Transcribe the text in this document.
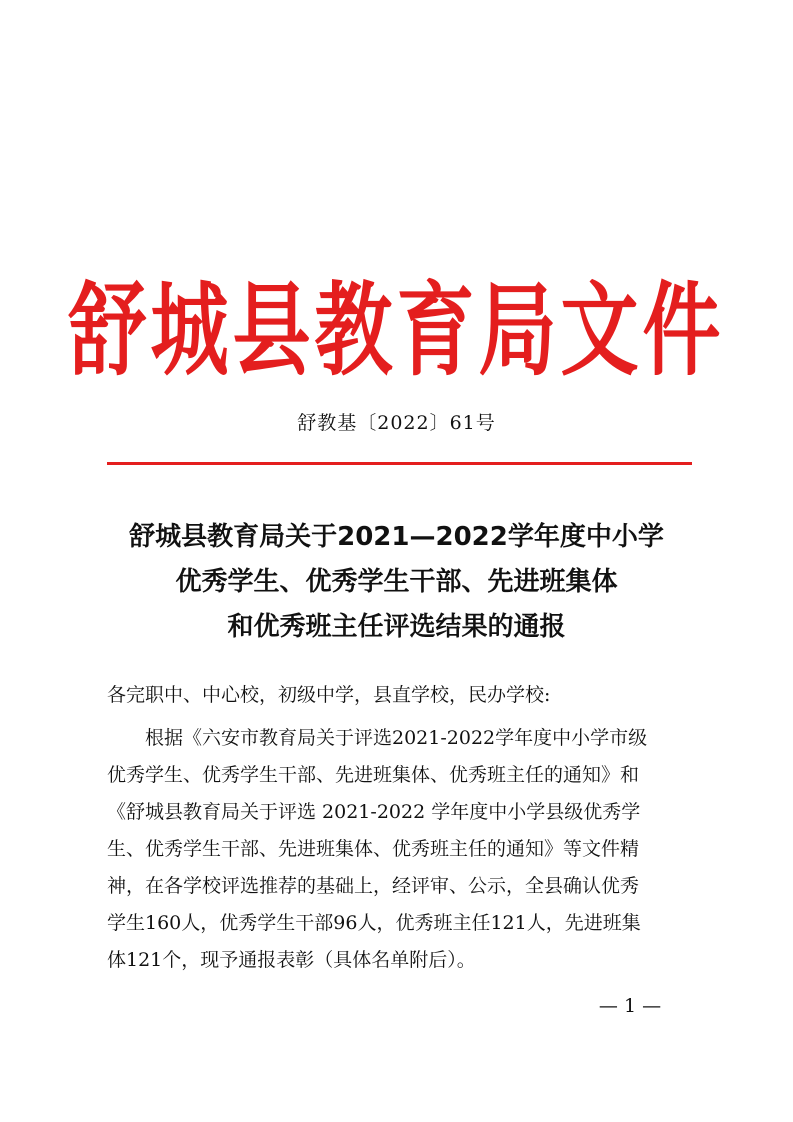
舒城县教育局文件
舒教基〔2022〕61号
舒城县教育局关于2021—2022学年度中小学
优秀学生、优秀学生干部、先进班集体
和优秀班主任评选结果的通报
各完职中、中心校，初级中学，县直学校，民办学校:
根据《六安市教育局关于评选2021-2022学年度中小学市级
优秀学生、优秀学生干部、先进班集体、优秀班主任的通知》和
《舒城县教育局关于评选 2021-2022 学年度中小学县级优秀学
生、优秀学生干部、先进班集体、优秀班主任的通知》等文件精
神，在各学校评选推荐的基础上，经评审、公示，全县确认优秀
学生160人，优秀学生干部96人，优秀班主任121人，先进班集
体121个，现予通报表彰（具体名单附后）。
— 1 —
